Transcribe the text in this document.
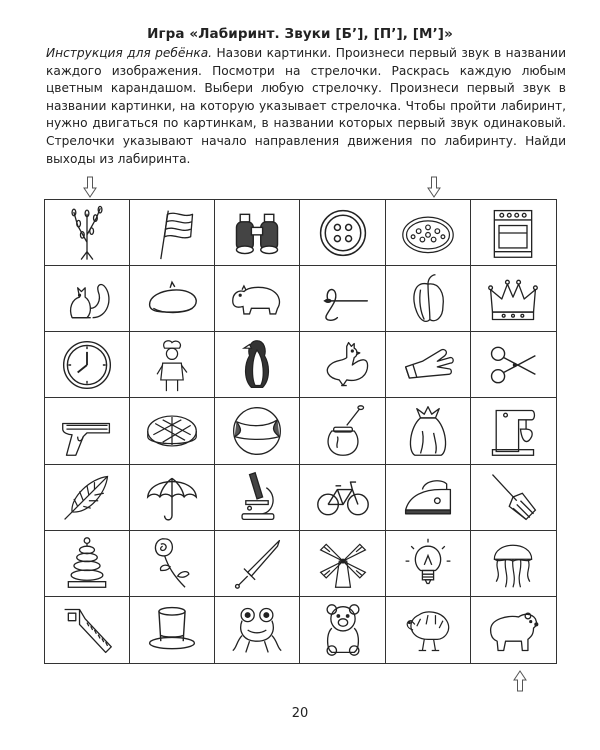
Игра «Лабиринт. Звуки [Б’], [П’], [М’]»
Инструкция для ребёнка. Назови картинки. Произнеси первый звук в названии каждого изображения. Посмотри на стрелочки. Раскрась каждую любым цветным карандашом. Выбери любую стрелочку. Произнеси первый звук в названии картинки, на которую указывает стрелочка. Чтобы пройти лабиринт, нужно двигаться по картинкам, в названии которых первый звук одинаковый. Стрелочки указывают начало направления движения по лабиринту. Найди выходы из лабиринта.
20
